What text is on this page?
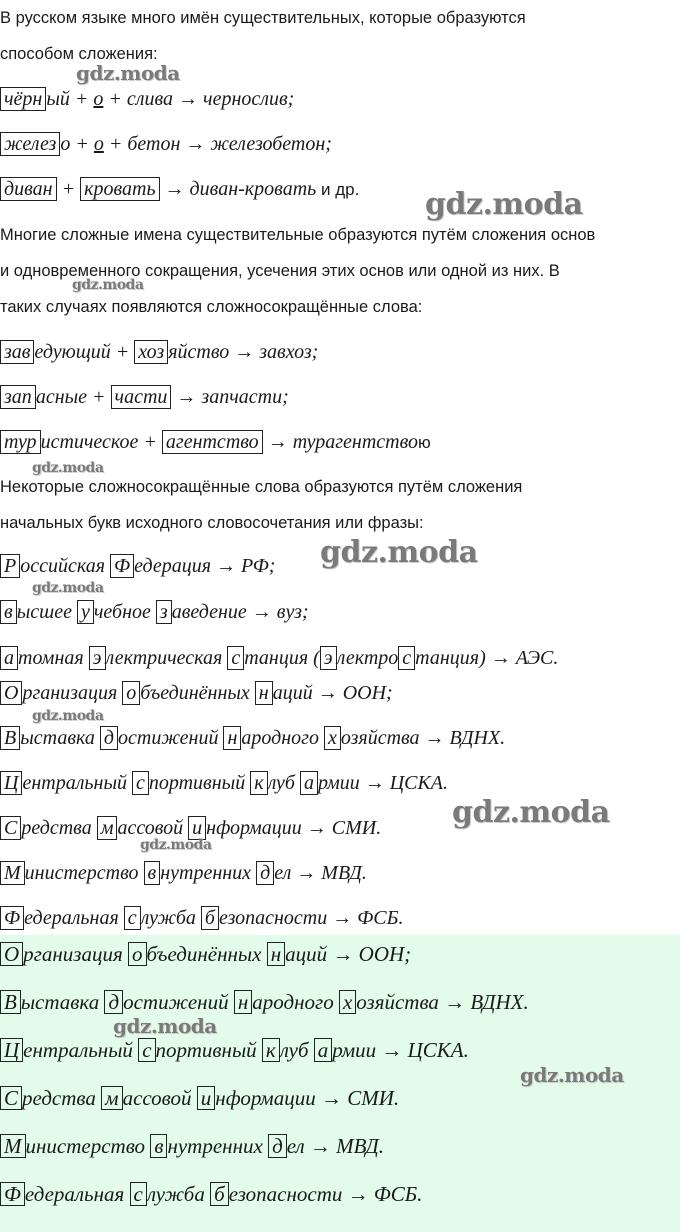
В русском языке много имён существительных, которые образуются
способом сложения:
чёрн ый + о + слива → чернослив;
желез о + о + бетон → железобетон;
диван + кровать → диван-кровать и др.
Многие сложные имена существительные образуются путём сложения основ
и одновременного сокращения, усечения этих основ или одной из них. В
таких случаях появляются сложносокращённые слова:
зав едующий + хоз яйство → завхоз;
зап асные + части → запчасти;
тур истическое + агентство → турагентствою
Некоторые сложносокращённые слова образуются путём сложения
начальных букв исходного словосочетания или фразы:
Р оссийская Ф едерация → РФ;
в ысшее у чебное з аведение → вуз;
а томная э лектрическая с танция ( э лектро с танция) → АЭС.
О рганизация о бъединённых н аций → ООН;
В ыставка д остижений н ародного х озяйства → ВДНХ.
Ц ентральный с портивный к луб а рмии → ЦСКА.
С редства м ассовой и нформации → СМИ.
М инистерство в нутренних д ел → МВД.
Ф едеральная с лужба б езопасности → ФСБ.
О рганизация о бъединённых н аций → ООН;
В ыставка д остижений н ародного х озяйства → ВДНХ.
Ц ентральный с портивный к луб а рмии → ЦСКА.
С редства м ассовой и нформации → СМИ.
М инистерство в нутренних д ел → МВД.
Ф едеральная с лужба б езопасности → ФСБ.
gdz.moda
gdz.moda
gdz.moda
gdz.moda
gdz.moda
gdz.moda
gdz.moda
gdz.moda
gdz.moda
gdz.moda
gdz.moda
